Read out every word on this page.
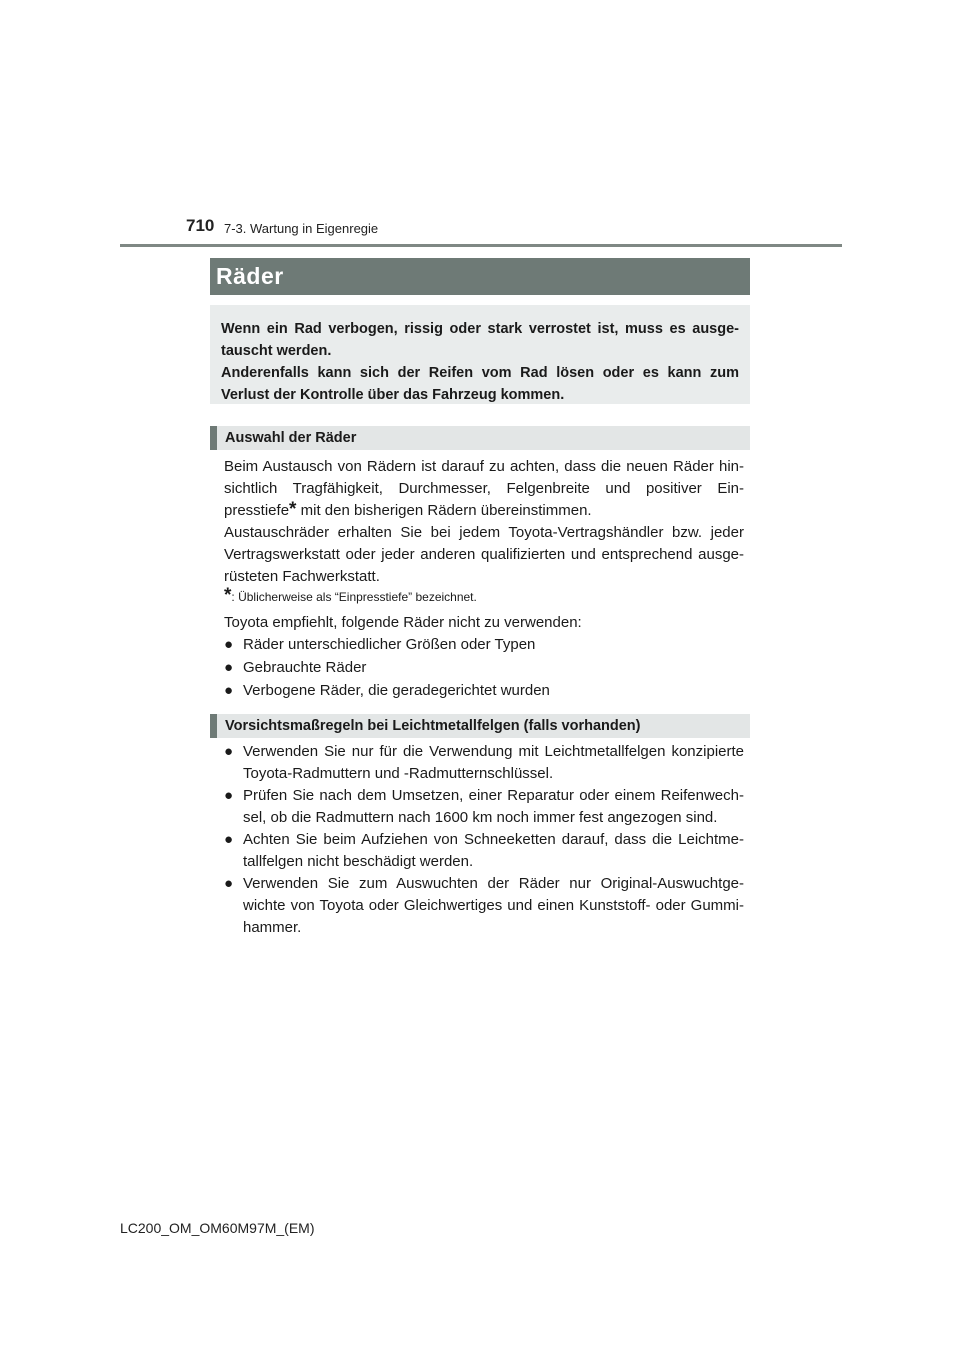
710 7-3. Wartung in Eigenregie
Räder

Wenn ein Rad verbogen, rissig oder stark verrostet ist, muss es ausge-tauscht werden.

Anderenfalls kann sich der Reifen vom Rad lösen oder es kann zum Verlust der Kontrolle über das Fahrzeug kommen.

Auswahl der Räder

Beim Austausch von Rädern ist darauf zu achten, dass die neuen Räder hin-sichtlich Tragfähigkeit, Durchmesser, Felgenbreite und positiver Ein-presstiefe* mit den bisherigen Rädern übereinstimmen.

Austauschräder erhalten Sie bei jedem Toyota-Vertragshändler bzw. jeder Vertragswerkstatt oder jeder anderen qualifizierten und entsprechend ausge-rüsteten Fachwerkstatt.

*: Üblicherweise als “Einpresstiefe” bezeichnet.
Toyota empfiehlt, folgende Räder nicht zu verwenden:
● Räder unterschiedlicher Größen oder Typen
● Gebrauchte Räder
● Verbogene Räder, die geradegerichtet wurden
Vorsichtsmaßregeln bei Leichtmetallfelgen (falls vorhanden)
● Verwenden Sie nur für die Verwendung mit Leichtmetallfelgen konzipierte Toyota-Radmuttern und -Radmutternschlüssel.
● Prüfen Sie nach dem Umsetzen, einer Reparatur oder einem Reifenwech-sel, ob die Radmuttern nach 1600 km noch immer fest angezogen sind.
● Achten Sie beim Aufziehen von Schneeketten darauf, dass die Leichtme-tallfelgen nicht beschädigt werden.
● Verwenden Sie zum Auswuchten der Räder nur Original-Auswuchtge-wichte von Toyota oder Gleichwertiges und einen Kunststoff- oder Gummi-hammer.
LC200_OM_OM60M97M_(EM)
